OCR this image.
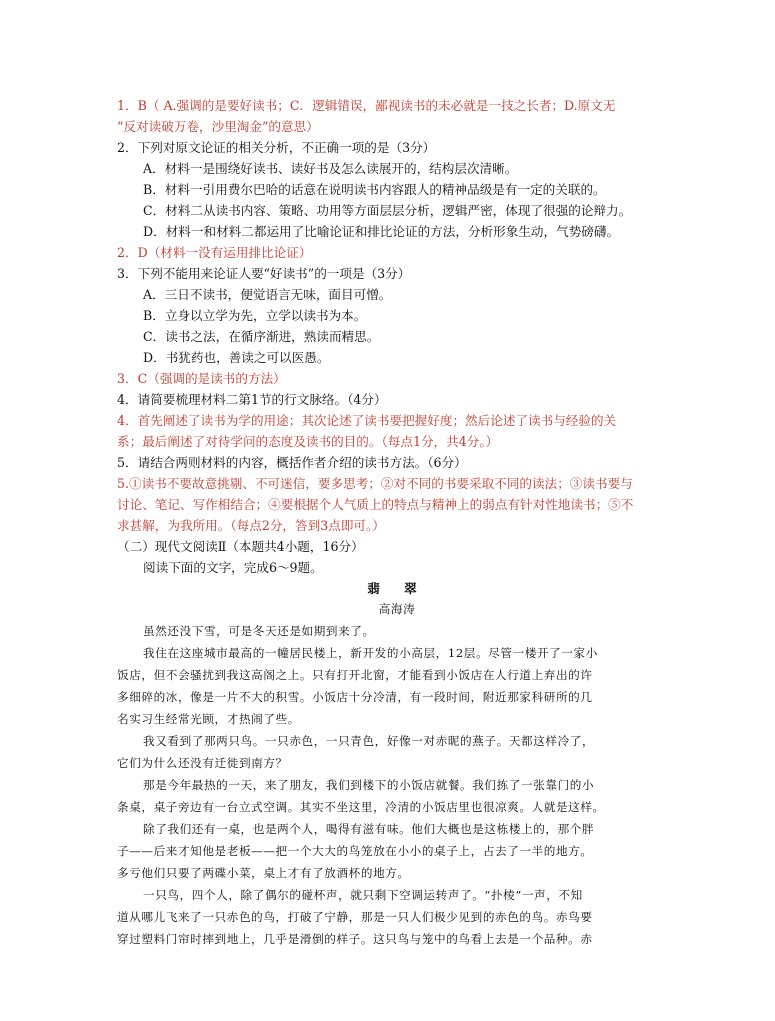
1．B（ A.强调的是要好读书；C．逻辑错误，鄙视读书的未必就是一技之长者；D.原文无
“反对读破万卷，沙里淘金”的意思）
2．下列对原文论证的相关分析，不正确一项的是（3分）
A．材料一是围绕好读书、读好书及怎么读展开的，结构层次清晰。
B．材料一引用费尔巴哈的话意在说明读书内容跟人的精神品级是有一定的关联的。
C．材料二从读书内容、策略、功用等方面层层分析，逻辑严密，体现了很强的论辩力。
D．材料一和材料二都运用了比喻论证和排比论证的方法，分析形象生动，气势磅礴。
2．D（材料一没有运用排比论证）
3．下列不能用来论证人要“好读书”的一项是（3分）
A．三日不读书，便觉语言无味，面目可憎。
B．立身以立学为先，立学以读书为本。
C．读书之法，在循序渐进，熟读而精思。
D．书犹药也，善读之可以医愚。
3．C（强调的是读书的方法）
4．请简要梳理材料二第1节的行文脉络。（4分）
4．首先阐述了读书为学的用途；其次论述了读书要把握好度；然后论述了读书与经验的关
系；最后阐述了对待学问的态度及读书的目的。（每点1分，共4分。）
5．请结合两则材料的内容，概括作者介绍的读书方法。（6分）
5.①读书不要故意挑剔、不可迷信，要多思考；②对不同的书要采取不同的读法；③读书要与
讨论、笔记、写作相结合；④要根据个人气质上的特点与精神上的弱点有针对性地读书；⑤不
求甚解，为我所用。（每点2分，答到3点即可。）
（二）现代文阅读Ⅱ（本题共4小题，16分）
阅读下面的文字，完成6～9题。
翡 翠
高海涛
虽然还没下雪，可是冬天还是如期到来了。
我住在这座城市最高的一幢居民楼上，新开发的小高层，12层。尽管一楼开了一家小
饭店，但不会骚扰到我这高阁之上。只有打开北窗，才能看到小饭店在人行道上弃出的许
多细碎的冰，像是一片不大的积雪。小饭店十分冷清，有一段时间，附近那家科研所的几
名实习生经常光顾，才热闹了些。
我又看到了那两只鸟。一只赤色，一只青色，好像一对赤昵的燕子。天都这样冷了，
它们为什么还没有迁徙到南方？
那是今年最热的一天，来了朋友，我们到楼下的小饭店就餐。我们拣了一张靠门的小
条桌，桌子旁边有一台立式空调。其实不坐这里，冷清的小饭店里也很凉爽。人就是这样。
除了我们还有一桌，也是两个人，喝得有滋有味。他们大概也是这栋楼上的，那个胖
子——后来才知他是老板——把一个大大的鸟笼放在小小的桌子上，占去了一半的地方。
多亏他们只要了两碟小菜，桌上才有了放酒杯的地方。
一只鸟，四个人，除了偶尔的碰杯声，就只剩下空调运转声了。“扑棱”一声，不知
道从哪儿飞来了一只赤色的鸟，打破了宁静，那是一只人们极少见到的赤色的鸟。赤鸟要
穿过塑料门帘时摔到地上，几乎是滑倒的样子。这只鸟与笼中的鸟看上去是一个品种。赤
